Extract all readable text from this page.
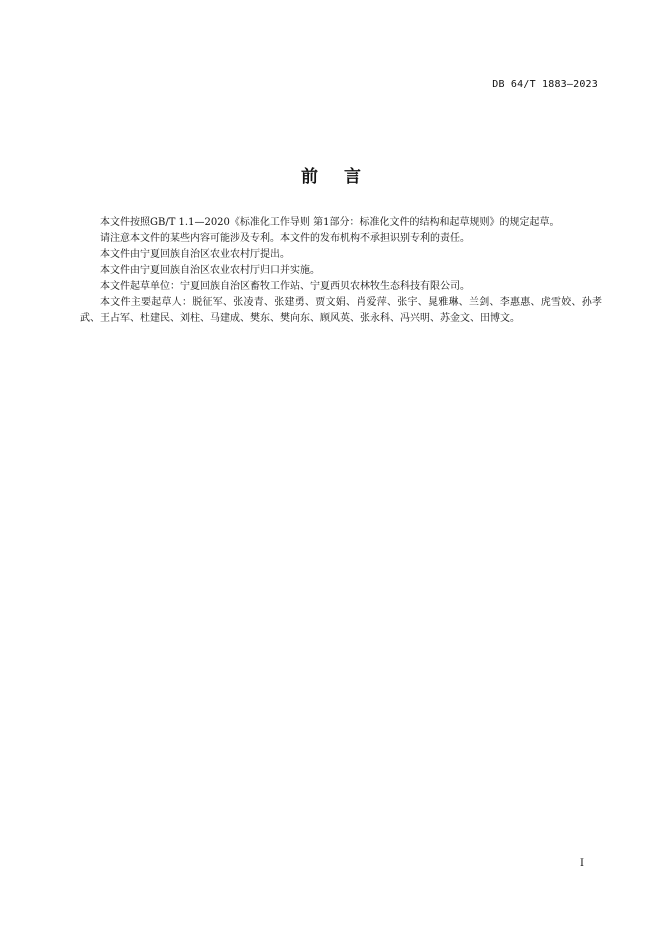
DB 64/T 1883—2023
前言

本文件按照GB/T 1.1—2020《标准化工作导则 第1部分：标准化文件的结构和起草规则》的规定起草。

请注意本文件的某些内容可能涉及专利。本文件的发布机构不承担识别专利的责任。

本文件由宁夏回族自治区农业农村厅提出。

本文件由宁夏回族自治区农业农村厅归口并实施。

本文件起草单位：宁夏回族自治区畜牧工作站、宁夏西贝农林牧生态科技有限公司。

本文件主要起草人：脱征军、张凌青、张建勇、贾文娟、肖爱萍、张宇、晁雅琳、兰剑、李惠惠、虎雪姣、孙孝武、王占军、杜建民、刘柱、马建成、樊东、樊向东、顾风英、张永科、冯兴明、苏金文、田博文。

I
